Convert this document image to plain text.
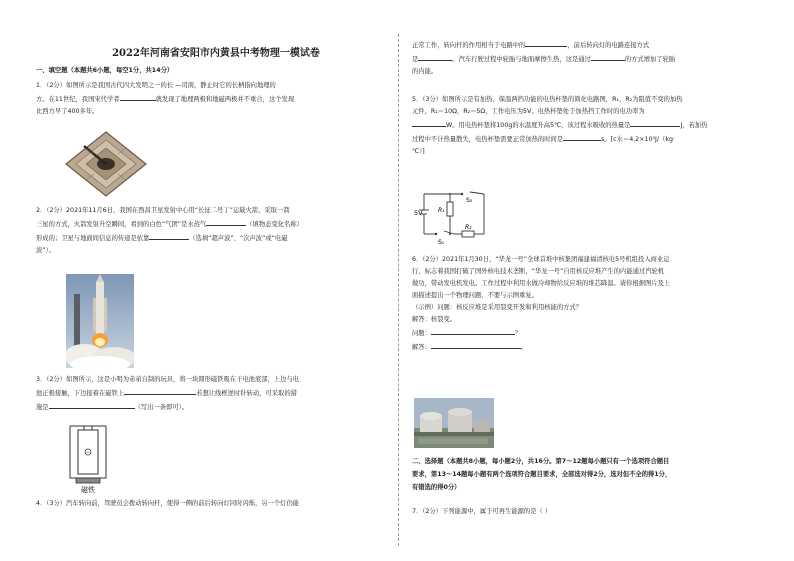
2022年河南省安阳市内黄县中考物理一模试卷
一、填空题（本题共6小题，每空1分，共14分）

1．（2分）如图所示是我国古代四大发明之一的长 —司南，静止时它的长柄指向地理的

方。在11世纪，我国宋代学者	就发现了地理两极和地磁两极并不重合，这个发现

比西方早了400多年。

2．（2分）2021年11月6日，我国在西昌卫星发射中心用“长征二号丁”运载火箭，采取一箭

三星的方式，火箭发射升空瞬间，看到的白色“气团”是水蒸气	（填物态变化名称）

形成的；卫星与地面间信息的传递是依靠	（选填“超声波”、“次声波”或“电磁

波”）。

3．（2分）如图所示，这是小明为弟弟自制的玩具，将一块圆形磁铁吸在干电池底部，上边与电

池正极接触，下边接着在磁铁上	若想让线框逆时针转动，可采取的措

施是	（写出一条即可）。

−
磁铁

4．（3分）汽车转向前，驾驶员会拨动转向杆，使得一侧的前后转向灯同时闪烁，另一个灯仍能

正常工作，转向杆的作用相当于电路中的	，前后转向灯的电路连接方式

是	。汽车行驶过程中轮胎与地面摩擦生热，这是通过	的方式增加了轮胎

的内能。

5．（3分）如图所示是有加热、保温两挡功能的电热杯垫的简化电路图，R₁、R₂为阻值不变的加热

元件，R₁＝10Ω，R₂＝5Ω，工作电压为5V。电热杯垫处于加热挡工作时的电功率为

W。用电热杯垫将100g的水温度升高5℃，该过程水吸收的热量是	J，若加热

过程中不计热量散失，电热杯垫需要正常加热的时间是	s。[c水＝4.2×10³J/（kg·

℃）]

5V	R₁
R₂
S₂
S₁

6．（2分）2021年1月30日，“华龙一号”全球首堆中核集团福建福清核电5号机组投入商业运

行，标志着我国打破了国外核电技术垄断，“华龙一号”自用核反应堆产生的内能通过汽轮机

做功，带动发电机发电。工作过程中利用水做冷却物给反应堆的堆芯降温。请你根据图片及上

面描述提出一个物理问题，不要与示例重复。

（示例）问题：核反应堆是采用裂变开发和利用核能的方式？

解答：核裂变。

问题：	？

解答：	。

二、选择题（本题共8小题，每小题2分，共16分。第7～12题每小题只有一个选项符合题目
要求，第13～14题每小题有两个选项符合题目要求，全部选对得2分，选对但不全的得1分，
有错选的得0分）

7．（2分）下列能源中，属于可再生能源的是（ ）
